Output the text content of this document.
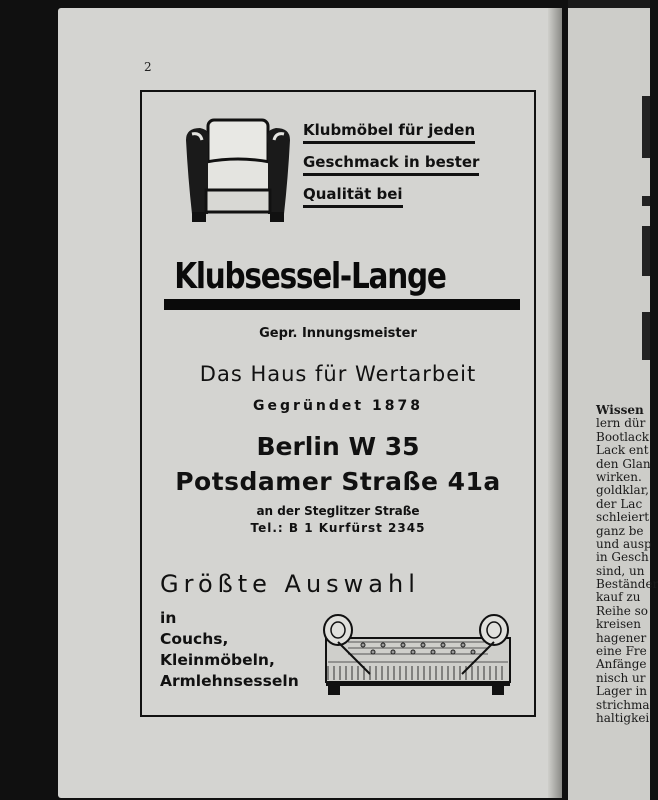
Wissen
lern dür
Bootlack
Lack ent
den Glan
wirken.
goldklar,
der Lac
schleiert
ganz be
und ausp
in Gesch
sind, un
Beständer
kauf zu
Reihe so
kreisen
hagener
eine Fre
Anfänge
nisch ur
Lager in
strichma
haltigkei
2
Klubmöbel für jeden
Geschmack in bester
Qualität bei
Klubsessel-Lange
Gepr. Innungsmeister
Das Haus für Wertarbeit
Gegründet 1878
Berlin W 35
Potsdamer Straße 41a
an der Steglitzer Straße
Tel.: B 1 Kurfürst 2345
Größte Auswahl
in
Couchs,
Kleinmöbeln,
Armlehnsesseln
